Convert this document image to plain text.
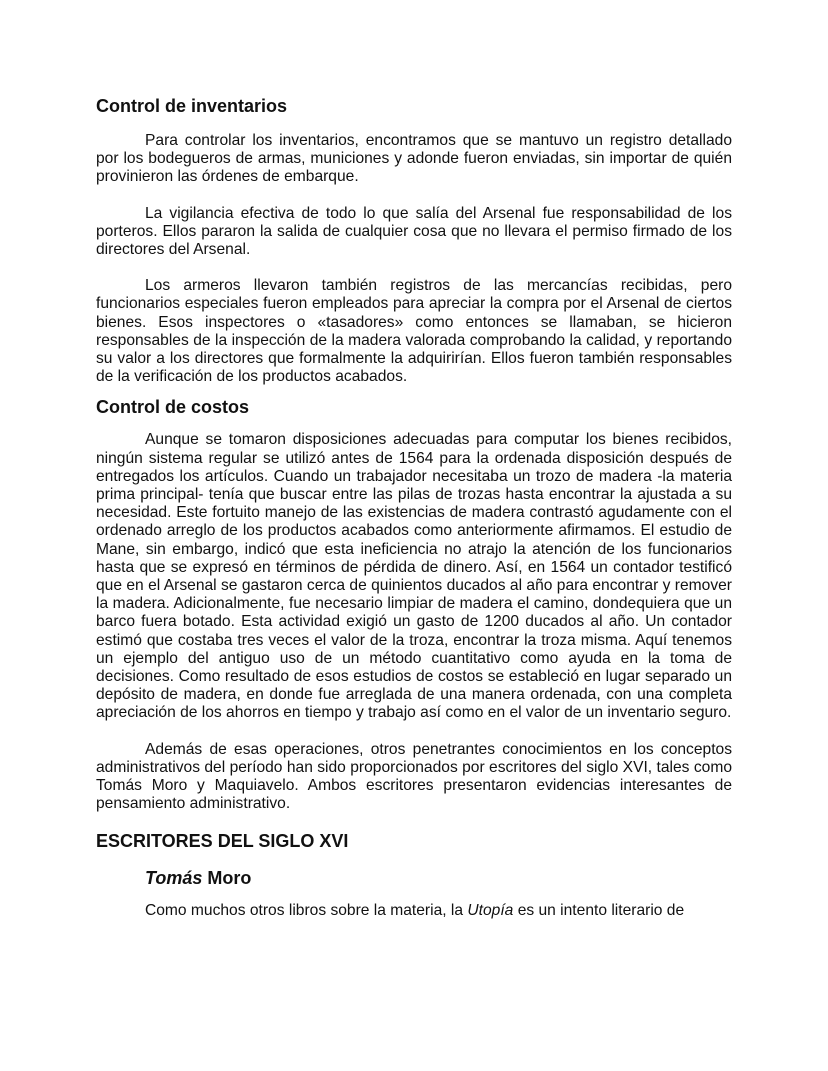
Control de inventarios

Para controlar los inventarios, encontramos que se mantuvo un registro detallado por los bodegueros de armas, municiones y adonde fueron enviadas, sin importar de quién provinieron las órdenes de embarque.

La vigilancia efectiva de todo lo que salía del Arsenal fue responsabilidad de los porteros. Ellos pararon la salida de cualquier cosa que no llevara el permiso firmado de los directores del Arsenal.

Los armeros llevaron también registros de las mercancías recibidas, pero funcionarios especiales fueron empleados para apreciar la compra por el Arsenal de ciertos bienes. Esos inspectores o «tasadores» como entonces se llamaban, se hicieron responsables de la inspección de la madera valorada comprobando la calidad, y reportando su valor a los directores que formalmente la adquirirían. Ellos fueron también responsables de la verificación de los productos acabados.

Control de costos

Aunque se tomaron disposiciones adecuadas para computar los bienes recibidos, ningún sistema regular se utilizó antes de 1564 para la ordenada disposición después de entregados los artículos. Cuando un trabajador necesitaba un trozo de madera -la materia prima principal- tenía que buscar entre las pilas de trozas hasta encontrar la ajustada a su necesidad. Este fortuito manejo de las existencias de madera contrastó agudamente con el ordenado arreglo de los productos acabados como anteriormente afirmamos. El estudio de Mane, sin embargo, indicó que esta ineficiencia no atrajo la atención de los funcionarios hasta que se expresó en términos de pérdida de dinero. Así, en 1564 un contador testificó que en el Arsenal se gastaron cerca de quinientos ducados al año para encontrar y remover la madera. Adicionalmente, fue necesario limpiar de madera el camino, dondequiera que un barco fuera botado. Esta actividad exigió un gasto de 1200 ducados al año. Un contador estimó que costaba tres veces el valor de la troza, encontrar la troza misma. Aquí tenemos un ejemplo del antiguo uso de un método cuantitativo como ayuda en la toma de decisiones. Como resultado de esos estudios de costos se estableció en lugar separado un depósito de madera, en donde fue arreglada de una manera ordenada, con una completa apreciación de los ahorros en tiempo y trabajo así como en el valor de un inventario seguro.

Además de esas operaciones, otros penetrantes conocimientos en los conceptos administrativos del período han sido proporcionados por escritores del siglo XVI, tales como Tomás Moro y Maquiavelo. Ambos escritores presentaron evidencias interesantes de pensamiento administrativo.

ESCRITORES DEL SIGLO XVI
Tomás Moro

Como muchos otros libros sobre la materia, la Utopía es un intento literario de
